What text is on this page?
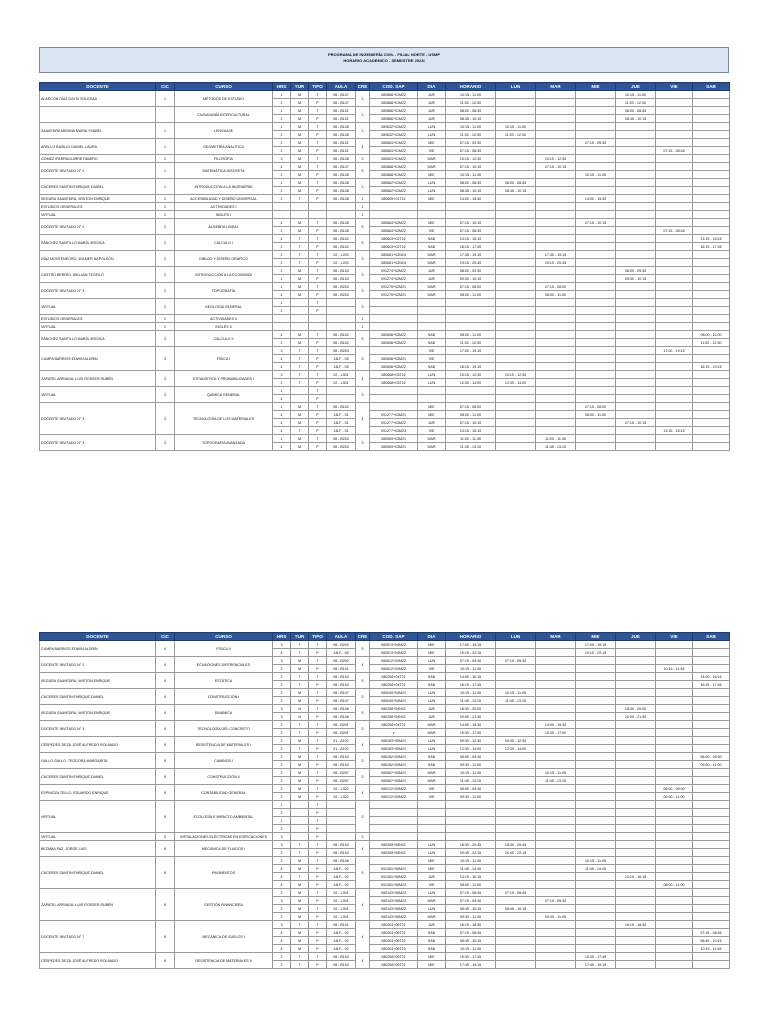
PROGRAMA DE INGENIERÍA CIVIL - FILIAL NORTE - USMP
HORARIO ACADEMICO - SEMESTRE 2023I
DOCENTE	CIC	CURSO	HRS	TUR	TIPO	AULA	CRE	COD. SAP	DIA	HORARIO	LUN	MAR	MIE	JUE	VIE	SAB
ALARCÓN DÍAZ DAYSI SOLEDAD	1	MÉTODOS DE ESTUDIO	1	M	T	06 - B107	2	080668+01M22	JUE	10:15 - 11:00				10:15 - 11:00		
			2	M	P	06 - B107		080668+01M22	JUE	11:00 - 12:30				11:00 - 12:30		
		CIUDADANÍA INTERCULTURAL	1	M	T	06 - B101	2	080666+01M22	JUE	08:00 - 08:45				08:00 - 08:45		
			2	M	P	06 - B101		080666+01M22	JUE	08:45 - 10:15				08:45 - 10:15		
SAAVEDRA MEDINA MARÍA YSABEL	1	LENGUAJE	1	M	T	06 - B105	2	080632+01M22	LUN	10:15 - 11:00	10:15 - 11:00					
			2	M	P	06 - B105		080632+01M22	LUN	11:00 - 12:30	11:00 - 12:30					
ARELLO BASILIO DANIEL LAURA	1	GEOMETRÍA ANALÍTICA	2	M	T	06 - B101	4	080663+01M22	MIE	07:15 - 09:30			07:15 - 09:30			
			2	M	P	06 - B101		080663+01M22	VIE	07:15 - 08:45					07:15 - 08:45	
GÓMEZ IPARRAGUIRRE RAMIRO	1	FILOSOFÍA	3	M	T	06 - B106	3	080603+01M22	MAR	10:15 - 12:30		10:15 - 12:30				
DOCENTE INVITADO N° 2	1	MATEMÁTICA DISCRETA	4	M	T	06 - B107	5	080668+01M22	MAR	07:15 - 10:15		07:15 - 10:15				
			2	M	P	06 - B105		080668+01M22	MIE	10:15 - 11:45			10:15 - 11:45			
CÁCERES SANTIN ENRIQUE DANIEL	1	INTRODUCCIÓN A LA INGENIERÍA	1	M	T	06 - B108	2	080662+01M22	LUN	08:00 - 08:45	08:00 - 08:45					
			2	M	P	06 - B108		080662+01M22	LUN	08:45 - 10:15	08:45 - 10:15					
SEGURA SAAVEDRA, WISTON ENRIQUE	1	ACCESIBILIDAD Y DISEÑO UNIVERSAL	2	T	P	06 - B106	1	080605+01T21	MIE	14:00 - 15:30			14:00 - 15:30			
ESTUDIOS GENERALES	1	ACTIVIDADES I					1									
VIRTUAL	1	INGLÉS I					1									
DOCENTE INVITADO N° 2	2	ÁLGEBRA LINEAL	4	M	T	06 - B105	5	080664+02M22	MIE	07:15 - 10:15			07:15 - 10:15			
			2	M	P	06 - B105		080664+02M22	VIE	07:15 - 08:45					07:15 - 08:45	
SÁNCHEZ SANTILLO MARÍA JESSICA	2	CÁLCULO I	4	T	T	06 - B102	5	080603+02T22	SAB	13:15 - 16:15						13:15 - 16:15
			2	T	P	06 - B102		080603+02T22	SAB	16:15 - 17:45						16:15 - 17:45
DÍAZ MONTENEGRO, WILMER NAPOLEÓN	2	DIBUJO Y DISEÑO GRÁFICO	2	T	T	02 - L203	3	080661+02N24	MAR	17:45 - 19:15		17:45 - 19:15				
			2	T	P	02 - L203		080661+02N24	MAR	19:15 - 20:45		19:15 - 20:45				
CASTRO BERRÍO, WILLIAM TEÓFILO	2	INTRODUCCIÓN A LA ECONOMÍA	2	M	T	06 - B103	3	091274+02M22	JUE	08:00 - 09:30				08:00 - 09:30		
			1	M	P	06 - B103		091274+02M22	JUE	09:30 - 10:15				09:30 - 10:15		
DOCENTE INVITADO N° 3	2	TOPOGRAFÍA	1	M	T	06 - B203	3	091275+02M21	MAR	07:15 - 08:00		07:15 - 08:00				
			4	M	P	06 - B203		091275+02M21	MAR	08:00 - 11:00		08:00 - 11:00				
VIRTUAL	2	GEOLOGÍA GENERAL	1		T		3									
			2		P											
ESTUDIOS GENERALES	2	ACTIVIDADES II					1									
VIRTUAL	2	INGLÉS II					1									
SÁNCHEZ SANTILLO MARÍA JESSICA	3	CÁLCULO II	4	M	T	06 - B102	5	080658+03M22	SAB	08:00 - 11:00						08:00 - 11:00
			2	M	P	06 - B102		080658+03M22	SAB	11:00 - 12:30						11:00 - 12:30
CUMPA BARRIOS EDWIN ALDRIN	3	FÍSICA I	3	T	T	06 - B204	5		VIE	17:00 - 19:15					17:00 - 19:15	
			4	T	P	14LF - 05		080658+03M21	VIE							
			4	T	P	14LF - 05		080658+03M22	SAB	16:15 - 19:15						16:15 - 19:15
ZAPATEL ARRIAGA, LUIS ROSSER RUBÉN	3	ESTADÍSTICA Y PROBABILIDADES I	3	T	T	02 - L301	4	080658+03T22	LUN	10:15 - 12:30	10:15 - 12:30					
			2	T	P	02 - L301		080658+03T22	LUN	12:30 - 14:00	12:30 - 14:00					
VIRTUAL	3	QUÍMICA GENERAL	1		T		3									
			4		P											
DOCENTE INVITADO N° 3	3	TECNOLOGÍA DE LOS MATERIALES	1	M	T	06 - B102	4		MIE	07:15 - 08:00			07:15 - 08:00			
			4	M	P	14LF - 01		091277+03M21	MIE	08:00 - 11:00			08:00 - 11:00			
			4	M	P	14LF - 01		091277+03M22	JUE	07:15 - 10:15				07:15 - 10:15		
			4	T	P	14LF - 01		091277+03M23	VIE	13:15 - 16:15					13:15 - 16:15	
DOCENTE INVITADO N° 3	3	TOPOGRAFÍA AVANZADA	1	M	T	06 - B203	3	080559+03M21	MAR	11:00 - 11:45		11:00 - 11:45				
			4	M	P	06 - B203		080559+03M21	MAR	11:45 - 13:15		11:45 - 13:15				
DOCENTE	CIC	CURSO	HRS	TUR	TIPO	AULA	CRE	COD. SAP	DIA	HORARIO	LUN	MAR	MIE	JUE	VIE	SAB
CUMPA BARRIOS EDWIN ALDRIN	4	FÍSICA II	3	T	T	06 - B204	5	080574+04M22	MIE	17:00 - 19:15			17:00 - 19:15			
			4	T	P	14LF - 05		080574+04M22	MIE	19:15 - 22:15			19:15 - 22:15			
DOCENTE INVITADO N° 2	4	ECUACIONES DIFERENCIALES	3	M	T	06 - B202	4	080612+04M22	LUN	07:15 - 09:30	07:15 - 09:30					
			2	M	P	06 - B101		080612+04M22	VIE	10:15 - 11:45					10:15 - 11:45	
SEGURA SAAVEDRA, WISTON ENRIQUE	4	ESTÁTICA	2	T	T	06 - B103	5	080258+04T21	SAB	14:00 - 16:15						14:00 - 16:15
			2	T	P	06 - B103		080258+04T21	SAB	16:15 - 17:45						16:15 - 17:45
CÁCERES SANTIN ENRIQUE DANIEL	4	CONSTRUCCIÓN I	2	M	T	06 - B107	3	080049+04M21	LUN	10:15 - 11:45	10:15 - 11:45					
			2	M	P	06 - B107		080049+04M21	LUN	11:45 - 13:15	11:45 - 13:15					
SEGURA SAAVEDRA, WISTON ENRIQUE	4	DINÁMICA	3	N	T	06 - B106	5	080258+04N21	JUE	18:30 - 20:00				18:30 - 20:00		
			3	N	P	06 - B106		080258+04N21	JUE	20:00 - 21:30				20:00 - 21:30		
DOCENTE INVITADO N° 3	4	TECNOLOGÍA DEL CONCRETO	2	T	T	06 - B201	3	080258+04T21	MAR	14:00 - 15:30		14:00 - 15:30				
			2	T	P	06 - B201		v	MAR	15:30 - 17:00		15:30 - 17:00				
CÉSPEDES DEZA JOSÉ ALFREDO ROLANDO	5	RESISTENCIA DE MATERIALES I	2	M	T	01 - A102	4	080283+05M21	LUN	09:30 - 12:30	09:30 - 12:30					
			2	T	P	01 - A102		080283+05M21	LUN	12:30 - 14:00	12:30 - 14:00					
GALLO GALLO, TEODORA MARGARITA	5	CAMINOS I	2	M	T	06 - B103	3	080282+05M21	SAB	08:00 - 09:30						08:00 - 09:30
			2	M	P	06 - B103		080282+05M21	SAB	09:30 - 11:00						09:30 - 11:00
CÁCERES SANTIN ENRIQUE DANIEL	5	CONSTRUCCIÓN II	2	M	T	06 - B207	3	080067+05M21	MAR	10:15 - 11:45		10:15 - 11:45				
			2	M	P	06 - B207		080067+05M21	MAR	11:45 - 13:15		11:45 - 13:15				
ESPINOZA TELLO, EDUARDO ENRIQUE	5	CONTABILIDAD GENERAL	2	M	T	02 - L302	4	080122+05M22	VIE	08:00 - 09:30					08:00 - 09:30	
			2	M	P	02 - L302		080122+05M22	VIE	09:30 - 11:00					09:30 - 11:00	
VIRTUAL	5	ECOLOGÍA E IMPACTO AMBIENTAL	1		T		3									
			2		P											
			1		T											
			2		P											
VIRTUAL	5	INSTALACIONES ELÉCTRICAS EN EDIFICACIONES	3		P		3									
BEZMBA PAZ, JORGE LUIS	6	MECÁNICA DE FLUIDOS I	3	T	T	06 - B103	4	080265+06N21	LUN	18:30 - 20:45	18:30 - 20:45					
			2	T	P	06 - B103		080265+06N21	LUN	20:45 - 22:15	20:45 - 22:15					
CÁCERES SANTIN ENRIQUE DANIEL	6	PAVIMENTOS	2	M	T	06 - B106	5		MIE	10:15 - 11:45			10:15 - 11:45			
			4	M	P	14LF - 02		091281+06M21	MIE	11:45 - 14:45			11:45 - 14:45			
			4	T	P	14LF - 02		091281+06M22	JUE	13:15 - 16:15				13:15 - 16:15		
			4	M	P	14LF - 02		091281+06M23	VIE	08:00 - 11:00					08:00 - 11:00	
ZAPATEL ARRIAGA, LUIS ROSSER RUBÉN	6	GESTIÓN FINANCIERA	2	M	T	02 - L301	4	080143+06M23	LUN	07:15 - 08:45	07:15 - 08:45					
			3	M	P	02 - L301		080143+06M23	MAR	07:15 - 09:30		07:15 - 09:30				
			2	M	T	02 - L301		080143+06M22	LUN	08:45 - 10:15	08:45 - 10:15					
			2	M	P	02 - L301		080143+06M22	MAR	09:30 - 11:45		09:30 - 11:45				
DOCENTE INVITADO N° 7	6	MECÁNICA DE SUELOS I	3	T	T	06 - B101	4	080261+06T21	JUE	16:15 - 18:30				16:15 - 18:30		
			4	M	P	14LF - 02		080261+06T21	SAB	07:15 - 08:45						07:15 - 08:45
			4	M	P	14LF - 02		080261+06T22	SAB	08:45 - 10:15						08:45 - 10:15
			4	M	P	14LF - 02		080261+06T23	SAB	10:15 - 11:45						10:15 - 11:45
CÉSPEDES DEZA JOSÉ ALFREDO ROLANDO	6	RESISTENCIA DE MATERIALES II	2	T	T	06 - B103	4	080258+06T21	MIE	15:30 - 17:45			15:30 - 17:45			
			2	T	P	06 - B103		080258+06T21	MIE	17:45 - 19:15			17:45 - 19:15			
